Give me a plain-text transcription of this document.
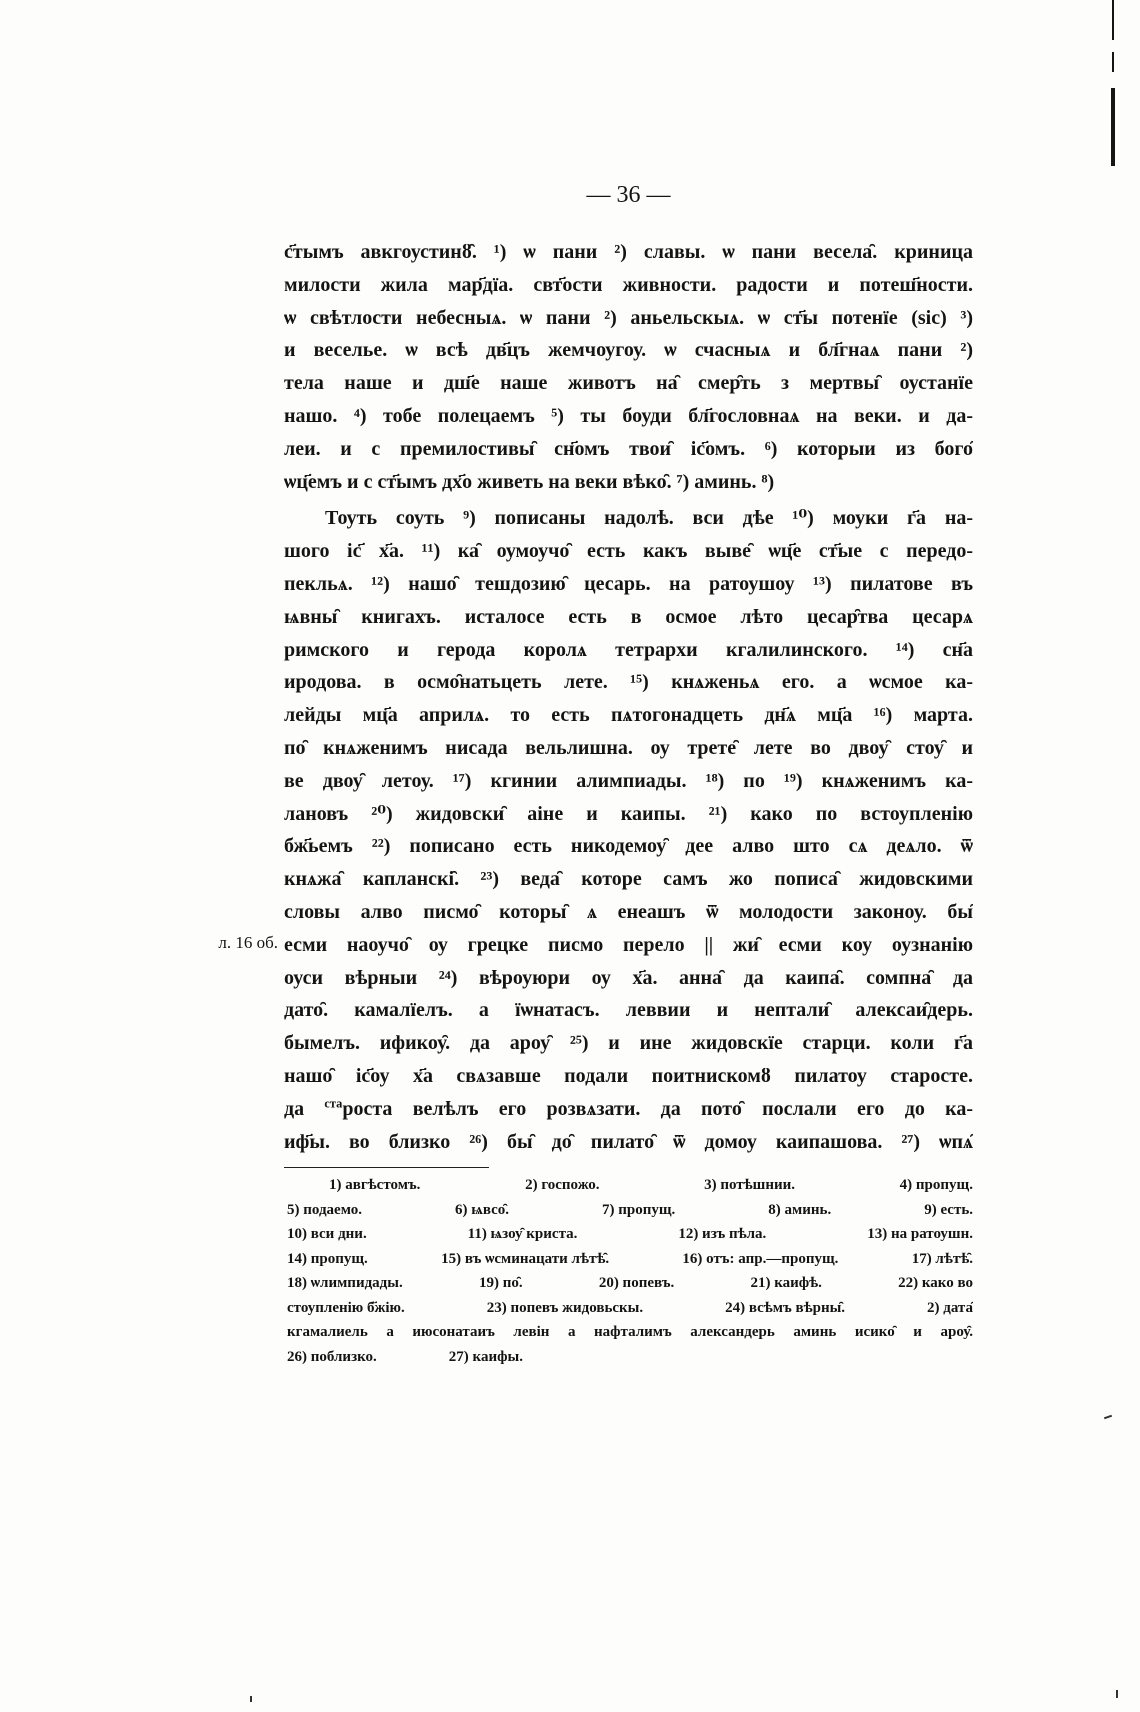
— 36 —
с҃тымъ авкгоустинȣ̑. ¹) ѡ пани ²) славы. ѡ пани весела̑. криница
милости жила мар҃дїа. свт҃ости живности. радости и потеш҃ности.
ѡ свѣтлости небесныѧ. ѡ пани ²) аньельскыѧ. ѡ ст҃ы потенїе (sic) ³)
и веселье. ѡ всѣ дв҃цъ жемчоугоу. ѡ счасныѧ и бл҃гнаѧ пани ²)
тела наше и дш҃е наше животъ на̑ смер̑ть з мертвы̑ оустанїе
нашо. ⁴) тобе полецаемъ ⁵) ты боуди бл҃гословнаѧ на веки. и да-
леи. и с премилостивы̑ сн҃омъ твои̑ іс҃омъ. ⁶) которыи из бого̑
ѡц҃емъ и с ст҃ымъ дх҃о живеть на веки вѣко̑. ⁷) аминь. ⁸)
Тоуть соуть ⁹) пописаны надолѣ. вси дѣе ¹⁰) моуки г҃а на-
шого іс҃ х҃а. ¹¹) ка̑ оумоучо̑ есть какъ выве̑ ѡц҃е ст҃ые с передо-
пекльѧ. ¹²) нашо̑ тешдозию̑ цесарь. на ратоушоу ¹³) пилатове въ
ѩвны̑ книгахъ. исталосе есть в осмое лѣто цесар̑тва цесарѧ
римского и герода королѧ тетрархи кгалилинского. ¹⁴) сн҃а
иродова. в осмо̑натьцеть лете. ¹⁵) кнѧженьѧ его. а ѡсмое ка-
лейды мц҃а априлѧ. то есть пѧтогонадцеть дн҃ѧ мц҃а ¹⁶) марта.
по̑ кнѧженимъ нисада вельлишна. оу трете̑ лете во двоу̑ стоу̑ и
ве двоу̑ летоу. ¹⁷) кгинии алимпиады. ¹⁸) по ¹⁹) кнѧженимъ ка-
лановъ ²⁰) жидовски̑ аіне и каипы. ²¹) како по встоупленію
бж҃ьемъ ²²) пописано есть никодемоу̑ дее алво што сѧ деѧло. ѿ
кнѧжа̑ капланскі̑. ²³) веда̑ которе самъ жо пописа̑ жидовскими
словы алво писмо̑ которы̑ ѧ енеашъ ѿ молодости законоу. бы̑
есми наоучо̑ оу грецке писмо перело || жи̑ есми коу оузнанію
оуси вѣрныи ²⁴) вѣроуюри оу х҃а. анна̑ да каипа̑. сомпна̑ да
дато̑. камалїелъ. а їѡнатасъ. леввии и нептали̑ алексаи̑дерь.
бымелъ. ификоу̑. да ароу̑ ²⁵) и ине жидовскїе старци. коли г҃а
нашо̑ іс҃оу х҃а свѧзавше подали поитнискомȣ пилатоу старосте.
да $^{ста}$роста велѣлъ его розвѧзати. да пото̑ послали его до ка-
иф҃ы. во близко ²⁶) бы̑ до̑ пилато̑ ѿ домоу каипашова. ²⁷) ѡпѧ̑
л. 16 об.
1) авгѣстомъ.	2) госпожо.	3) потѣшнии.	4) пропущ.
5) подаемо.	6) ѩвсо̑.	7) пропущ.	8) аминь.	9) есть.
10) вси дни.	11) ѩзоу̑ криста.	12) изъ пѣла.	13) на ратоушн.
14) пропущ.	15) въ ѡсминацати лѣтѣ̑.	16) отъ: апр.—пропущ.	17) лѣтѣ̑.
18) ѡлимпидады.	19) по̑.	20) попевъ.	21) каифѣ.	22) како во
стоупленію б҃жію.	23) попевъ жидовьскы.	24) всѣмъ вѣрны̑.	2) дата̑
кгамалиель а июсонатаиъ левін а нафталимъ александерь аминь исико̑ и ароу̑.
26) поблизко.	27) каифы.
